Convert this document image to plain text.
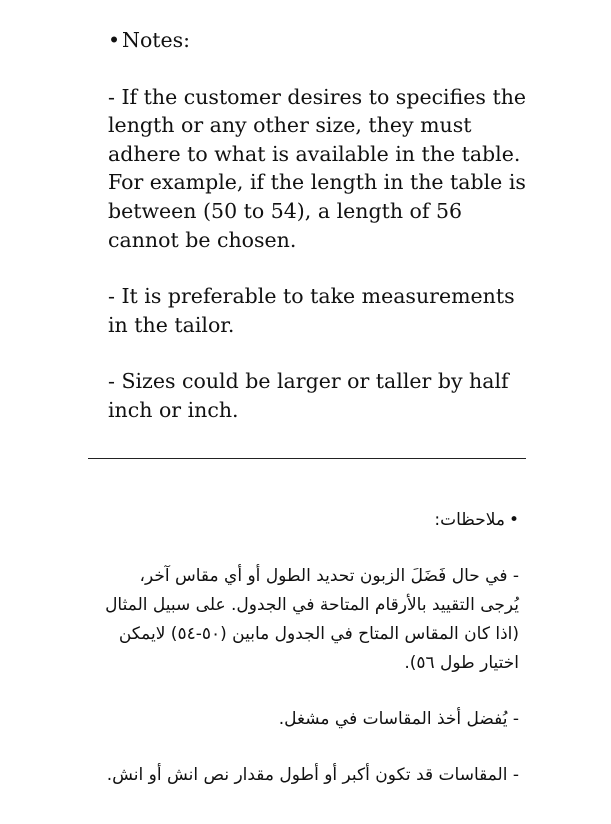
• Notes:

- If the customer desires to specifies the length or any other size, they must adhere to what is available in the table.

For example, if the length in the table is between (50 to 54), a length of 56 cannot be chosen.

- It is preferable to take measurements in the tailor.

- Sizes could be larger or taller by half inch or inch.

•
ملاحظات:

- في حال فَضَلَ الزبون تحديد الطول أو أي مقاس آخر، يُرجى التقييد بالأرقام المتاحة في الجدول. على سبيل المثال (اذا كان المقاس المتاح في الجدول مابين (٥٠-٥٤) لايمكن اختيار طول ٥٦).

- يُفضل أخذ المقاسات في مشغل.

- المقاسات قد تكون أكبر أو أطول مقدار نص انش أو انش.
